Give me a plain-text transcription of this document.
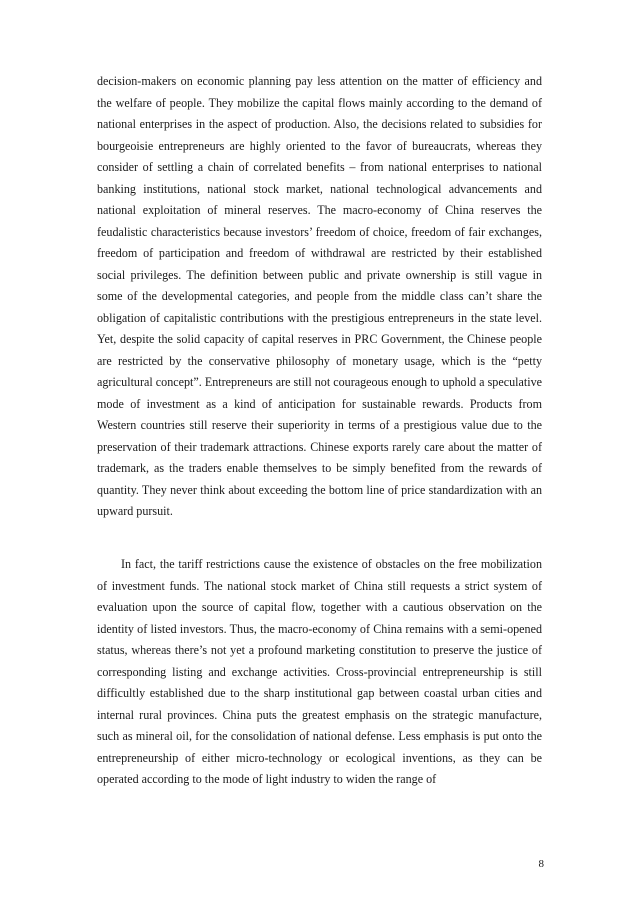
decision-makers on economic planning pay less attention on the matter of efficiency and the welfare of people. They mobilize the capital flows mainly according to the demand of national enterprises in the aspect of production. Also, the decisions related to subsidies for bourgeoisie entrepreneurs are highly oriented to the favor of bureaucrats, whereas they consider of settling a chain of correlated benefits – from national enterprises to national banking institutions, national stock market, national technological advancements and national exploitation of mineral reserves. The macro-economy of China reserves the feudalistic characteristics because investors’ freedom of choice, freedom of fair exchanges, freedom of participation and freedom of withdrawal are restricted by their established social privileges. The definition between public and private ownership is still vague in some of the developmental categories, and people from the middle class can’t share the obligation of capitalistic contributions with the prestigious entrepreneurs in the state level. Yet, despite the solid capacity of capital reserves in PRC Government, the Chinese people are restricted by the conservative philosophy of monetary usage, which is the “petty agricultural concept”. Entrepreneurs are still not courageous enough to uphold a speculative mode of investment as a kind of anticipation for sustainable rewards. Products from Western countries still reserve their superiority in terms of a prestigious value due to the preservation of their trademark attractions. Chinese exports rarely care about the matter of trademark, as the traders enable themselves to be simply benefited from the rewards of quantity. They never think about exceeding the bottom line of price standardization with an upward pursuit.

In fact, the tariff restrictions cause the existence of obstacles on the free mobilization of investment funds. The national stock market of China still requests a strict system of evaluation upon the source of capital flow, together with a cautious observation on the identity of listed investors. Thus, the macro-economy of China remains with a semi-opened status, whereas there’s not yet a profound marketing constitution to preserve the justice of corresponding listing and exchange activities. Cross-provincial entrepreneurship is still difficultly established due to the sharp institutional gap between coastal urban cities and internal rural provinces. China puts the greatest emphasis on the strategic manufacture, such as mineral oil, for the consolidation of national defense. Less emphasis is put onto the entrepreneurship of either micro-technology or ecological inventions, as they can be operated according to the mode of light industry to widen the range of

8
